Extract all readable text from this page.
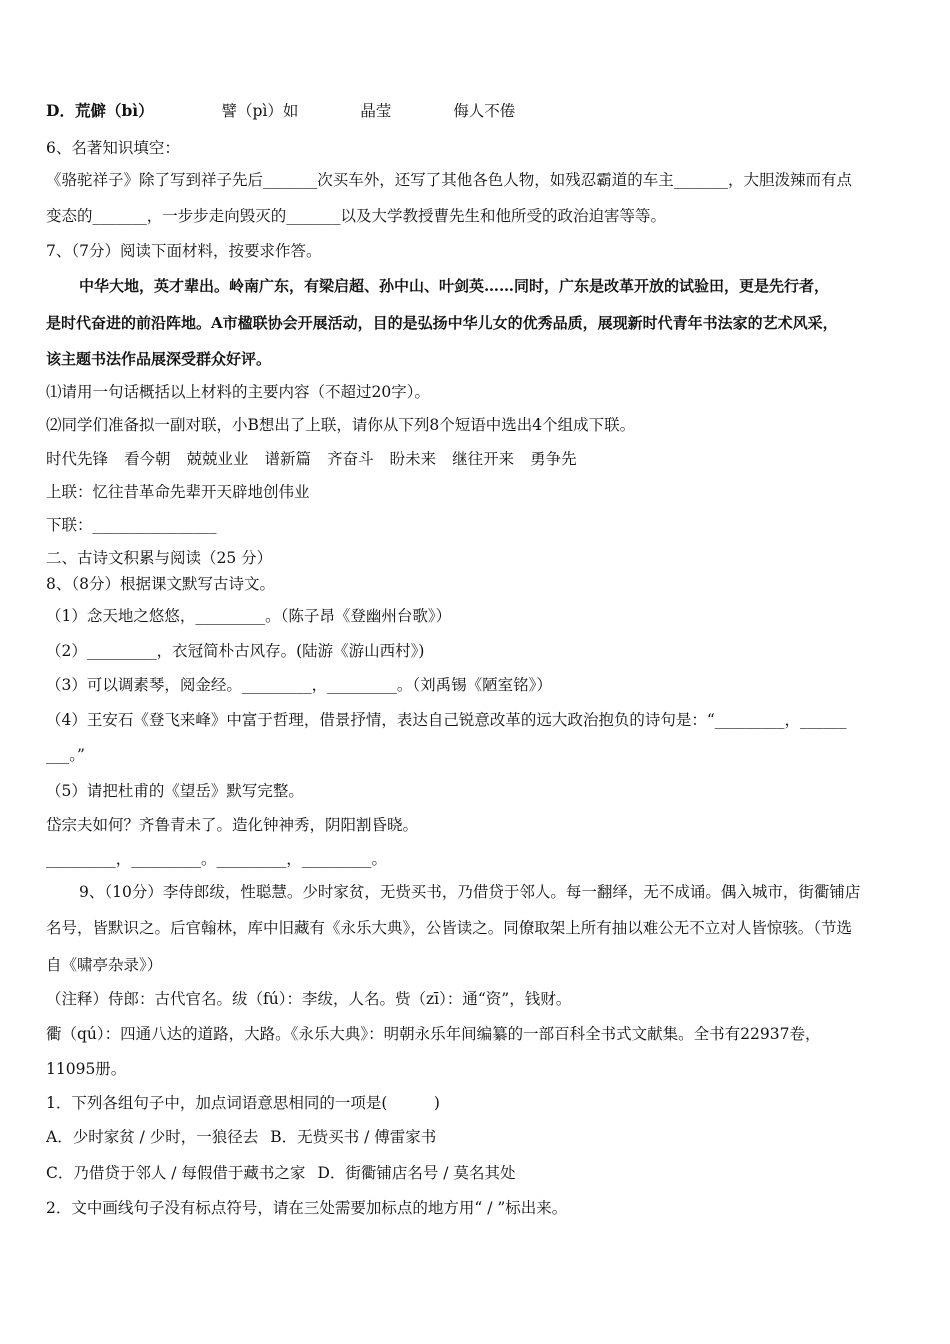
D．荒僻（bì）	譬（pì）如	晶莹	侮人不倦
6、名著知识填空：
《骆驼祥子》除了写到祥子先后_______次买车外，还写了其他各色人物，如残忍霸道的车主_______，大胆泼辣而有点
变态的_______，一步步走向毁灭的_______以及大学教授曹先生和他所受的政治迫害等等。
7、（7分）阅读下面材料，按要求作答。
中华大地，英才辈出。岭南广东，有梁启超、孙中山、叶剑英……同时，广东是改革开放的试验田，更是先行者，
是时代奋进的前沿阵地。A市楹联协会开展活动，目的是弘扬中华儿女的优秀品质，展现新时代青年书法家的艺术风采，
该主题书法作品展深受群众好评。
⑴请用一句话概括以上材料的主要内容（不超过20字）。
⑵同学们准备拟一副对联，小B想出了上联，请你从下列8个短语中选出4个组成下联。
时代先锋 看今朝 兢兢业业 谱新篇 齐奋斗 盼未来 继往开来 勇争先
上联：忆往昔革命先辈开天辟地创伟业
下联：________________
二、古诗文积累与阅读（25 分）
8、（8分）根据课文默写古诗文。
（1）念天地之悠悠，_________。（陈子昂《登幽州台歌》）
（2）_________，衣冠简朴古风存。(陆游《游山西村》)
（3）可以调素琴，阅金经。_________，_________。（刘禹锡《陋室铭》）
（4）王安石《登飞来峰》中富于哲理，借景抒情，表达自己锐意改革的远大政治抱负的诗句是：“_________，______
___。”
（5）请把杜甫的《望岳》默写完整。
岱宗夫如何？齐鲁青未了。造化钟神秀，阴阳割昏晓。
_________，_________。_________，_________。
9、（10分）李侍郎绂，性聪慧。少时家贫，无赀买书，乃借贷于邻人。每一翻绎，无不成诵。偶入城市，街衢铺店
名号，皆默识之。后官翰林，库中旧藏有《永乐大典》，公皆读之。同僚取架上所有抽以难公无不立对人皆惊骇。（节选
自《啸亭杂录》）
（注释）侍郎：古代官名。绂（fú）：李绂，人名。赀（zī）：通“资”，钱财。
衢（qú）：四通八达的道路，大路。《永乐大典》：明朝永乐年间编纂的一部百科全书式文献集。全书有22937卷，
11095册。
1．下列各组句子中，加点词语意思相同的一项是(　　　)
A．少时家贫 / 少时，一狼径去 B．无赀买书 / 傅雷家书
C．乃借贷于邻人 / 每假借于藏书之家 D．街衢铺店名号 / 莫名其处
2．文中画线句子没有标点符号，请在三处需要加标点的地方用“ / ”标出来。
